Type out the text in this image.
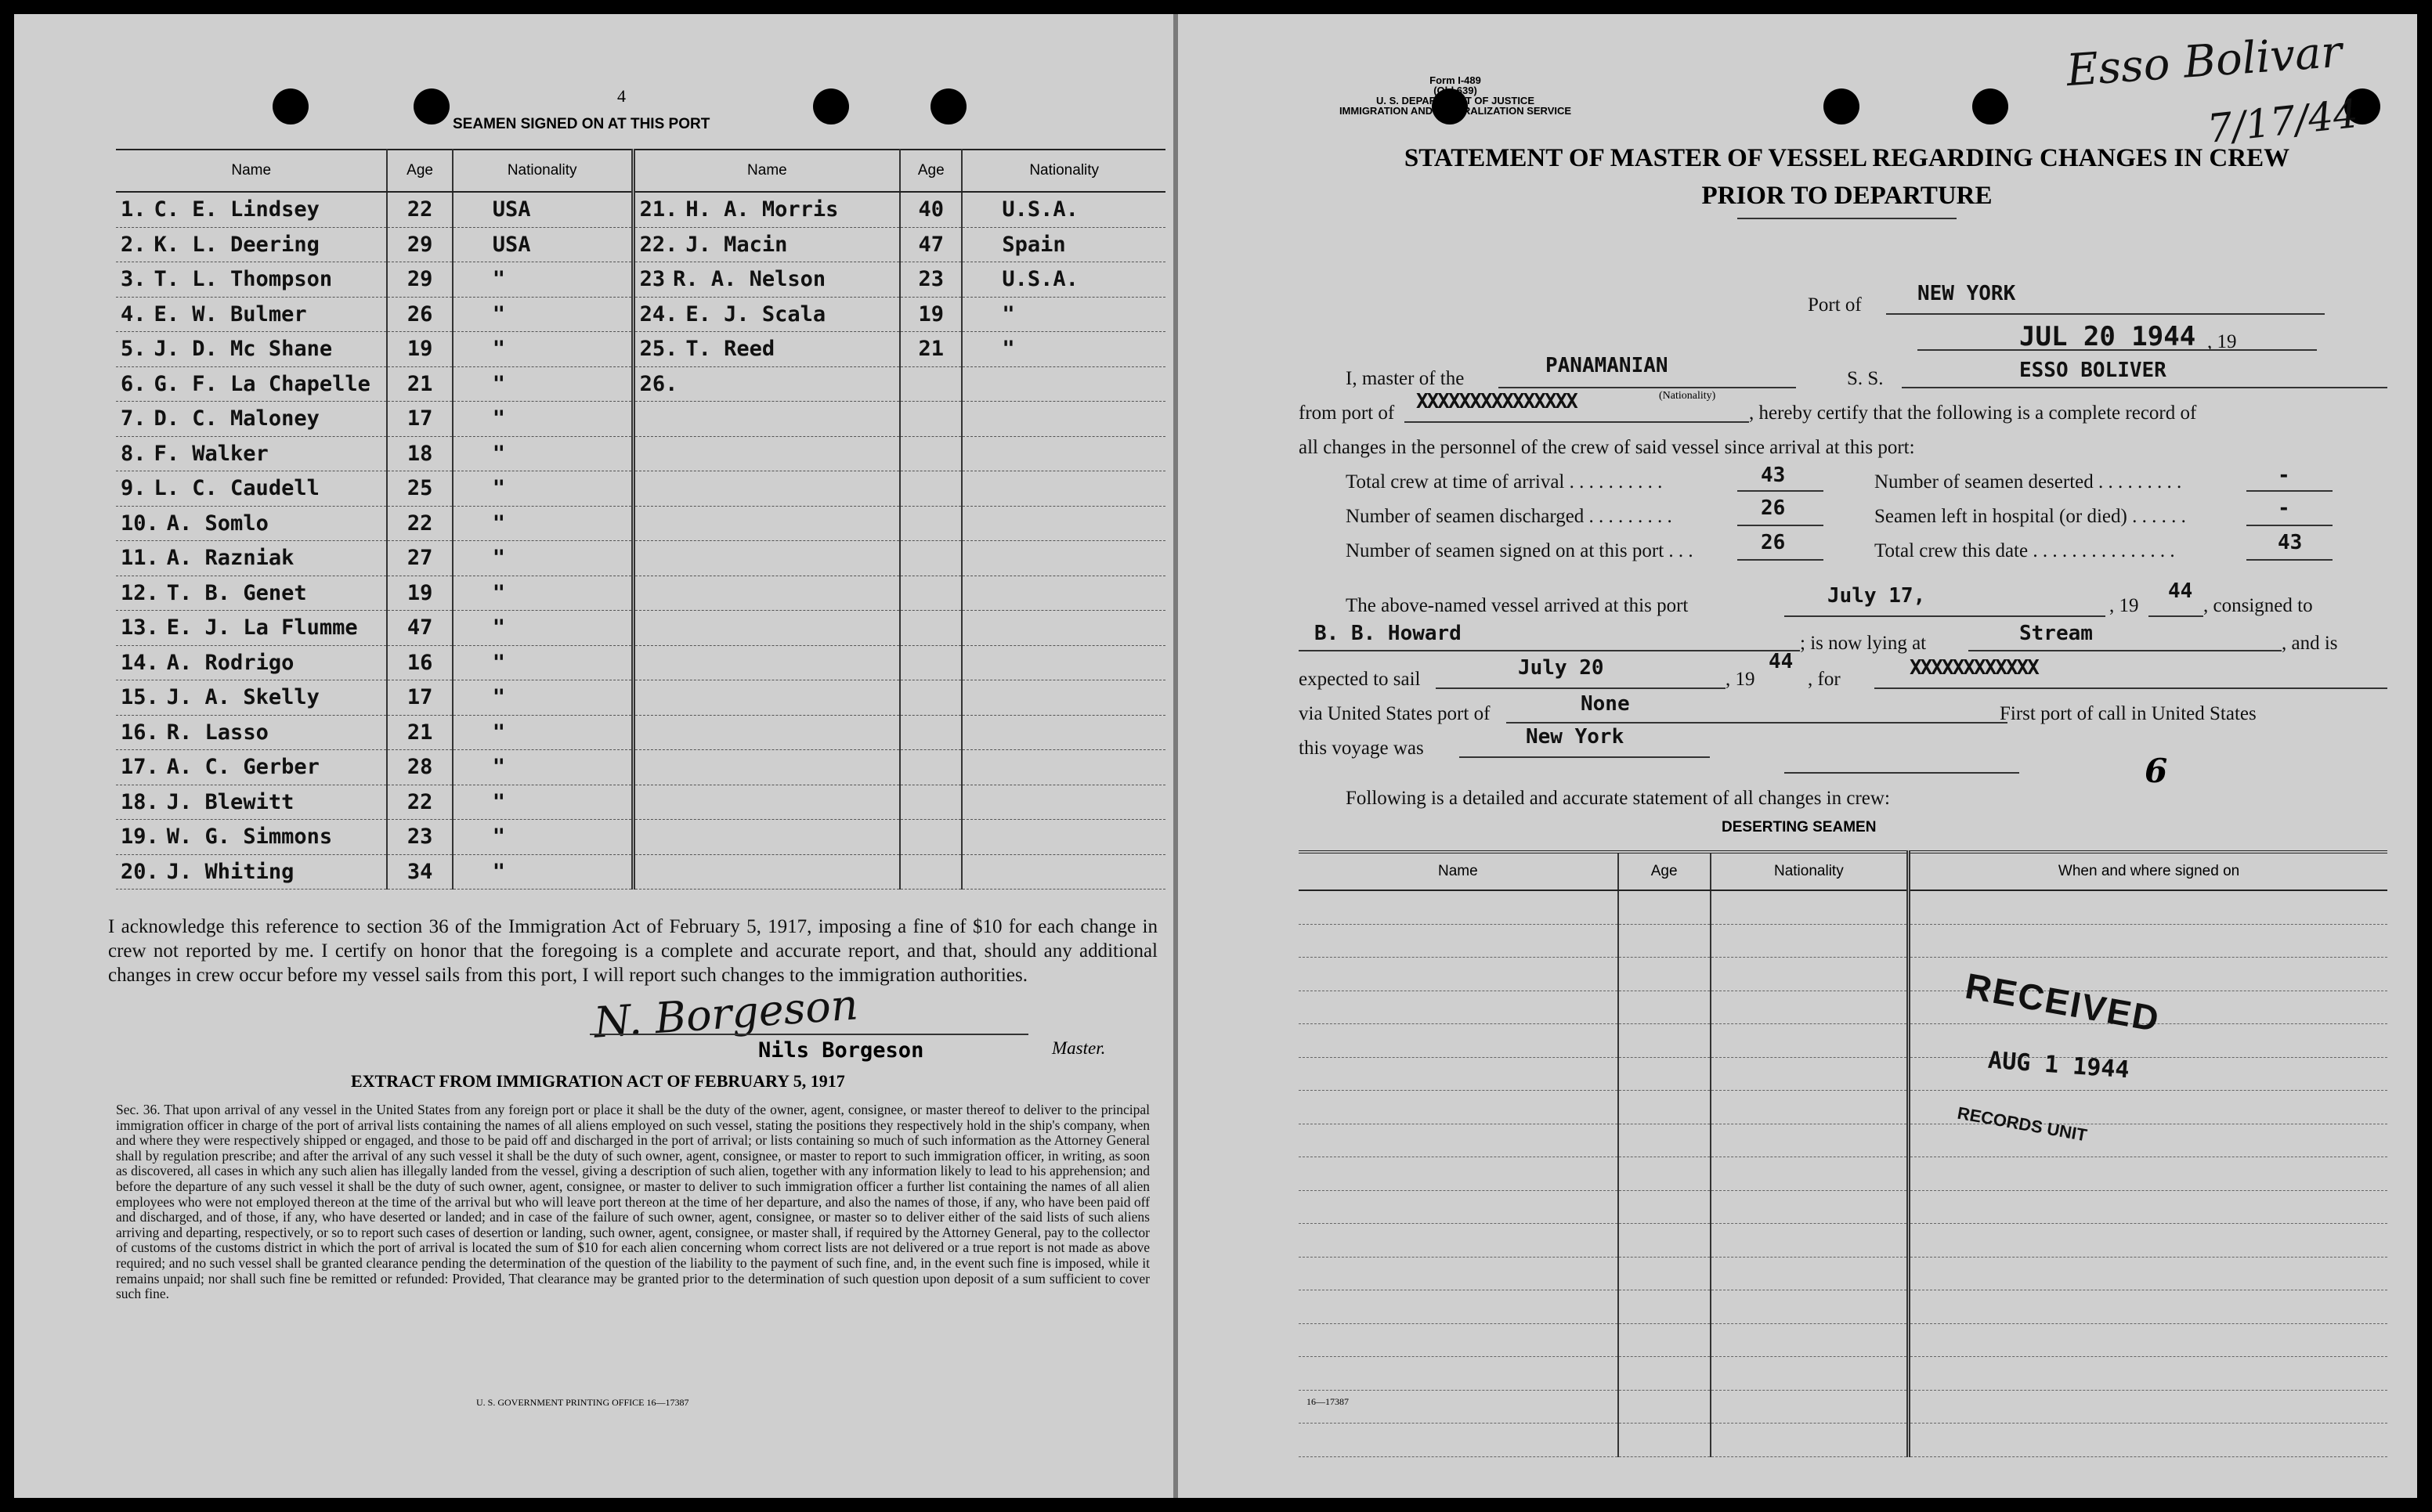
4
SEAMEN SIGNED ON AT THIS PORT
Name	Age	Nationality	Name	Age	Nationality
1. C. E. Lindsey	22	USA	21. H. A. Morris	40	U.S.A.
2. K. L. Deering	29	USA	22. J. Macin	47	Spain
3. T. L. Thompson	29	"	23 R. A. Nelson	23	U.S.A.
4. E. W. Bulmer	26	"	24. E. J. Scala	19	"
5. J. D. Mc Shane	19	"	25. T. Reed	21	"
6. G. F. La Chapelle	21	"	26.		
7. D. C. Maloney	17	"			
8. F. Walker	18	"			
9. L. C. Caudell	25	"			
10. A. Somlo	22	"			
11. A. Razniak	27	"			
12. T. B. Genet	19	"			
13. E. J. La Flumme	47	"			
14. A. Rodrigo	16	"			
15. J. A. Skelly	17	"			
16. R. Lasso	21	"			
17. A. C. Gerber	28	"			
18. J. Blewitt	22	"			
19. W. G. Simmons	23	"			
20. J. Whiting	34	"			
I acknowledge this reference to section 36 of the Immigration Act of February 5, 1917, imposing a fine of $10 for each change in crew not reported by me. I certify on honor that the foregoing is a complete and accurate report, and that, should any additional changes in crew occur before my vessel sails from this port, I will report such changes to the immigration authorities.
N. Borgeson
Nils Borgeson	Master.
EXTRACT FROM IMMIGRATION ACT OF FEBRUARY 5, 1917
Sec. 36. That upon arrival of any vessel in the United States from any foreign port or place it shall be the duty of the owner, agent, consignee, or master thereof to deliver to the principal immigration officer in charge of the port of arrival lists containing the names of all aliens employed on such vessel, stating the positions they respectively hold in the ship's company, when and where they were respectively shipped or engaged, and those to be paid off and discharged in the port of arrival; or lists containing so much of such information as the Attorney General shall by regulation prescribe; and after the arrival of any such vessel it shall be the duty of such owner, agent, consignee, or master to report to such immigration officer, in writing, as soon as discovered, all cases in which any such alien has illegally landed from the vessel, giving a description of such alien, together with any information likely to lead to his apprehension; and before the departure of any such vessel it shall be the duty of such owner, agent, consignee, or master to deliver to such immigration officer a further list containing the names of all alien employees who were not employed thereon at the time of the arrival but who will leave port thereon at the time of her departure, and also the names of those, if any, who have been paid off and discharged, and of those, if any, who have deserted or landed; and in case of the failure of such owner, agent, consignee, or master so to deliver either of the said lists of such aliens arriving and departing, respectively, or so to report such cases of desertion or landing, such owner, agent, consignee, or master shall, if required by the Attorney General, pay to the collector of customs of the customs district in which the port of arrival is located the sum of $10 for each alien concerning whom correct lists are not delivered or a true report is not made as above required; and no such vessel shall be granted clearance pending the determination of the question of the liability to the payment of such fine, and, in the event such fine is imposed, while it remains unpaid; nor shall such fine be remitted or refunded: Provided, That clearance may be granted prior to the determination of such question upon deposit of a sum sufficient to cover such fine.
U. S. GOVERNMENT PRINTING OFFICE 16—17387
Form I-489
(Old 639)
U. S. DEPARTMENT OF JUSTICE
IMMIGRATION AND NATURALIZATION SERVICE
Esso Bolivar
7/17/44
STATEMENT OF MASTER OF VESSEL REGARDING CHANGES IN CREW
PRIOR TO DEPARTURE
Port of	NEW YORK
JUL 20 1944 , 19
I, master of the
PANAMANIAN
(Nationality)
S. S.	ESSO BOLIVER
from port of XXXXXXXXXXXXXXX	, hereby certify that the following is a complete record of
all changes in the personnel of the crew of said vessel since arrival at this port:
Total crew at time of arrival . . . . . . . . . .	43	Number of seamen deserted . . . . . . . . .	-
Number of seamen discharged . . . . . . . . .	26	Seamen left in hospital (or died) . . . . . .	-
Number of seamen signed on at this port . . .	26	Total crew this date . . . . . . . . . . . . . . .	43
The above-named vessel arrived at this port	July 17,	, 19
44
, consigned to
B. B. Howard	; is now lying at	Stream	, and is
expected to sail	July 20	, 19
44
, for	XXXXXXXXXXXX
via United States port of	None	First port of call in United States
this voyage was	New York
6
Following is a detailed and accurate statement of all changes in crew:
DESERTING SEAMEN
Name	Age	Nationality	When and where signed on

RECEIVED
AUG 1 1944
RECORDS UNIT
16—17387
